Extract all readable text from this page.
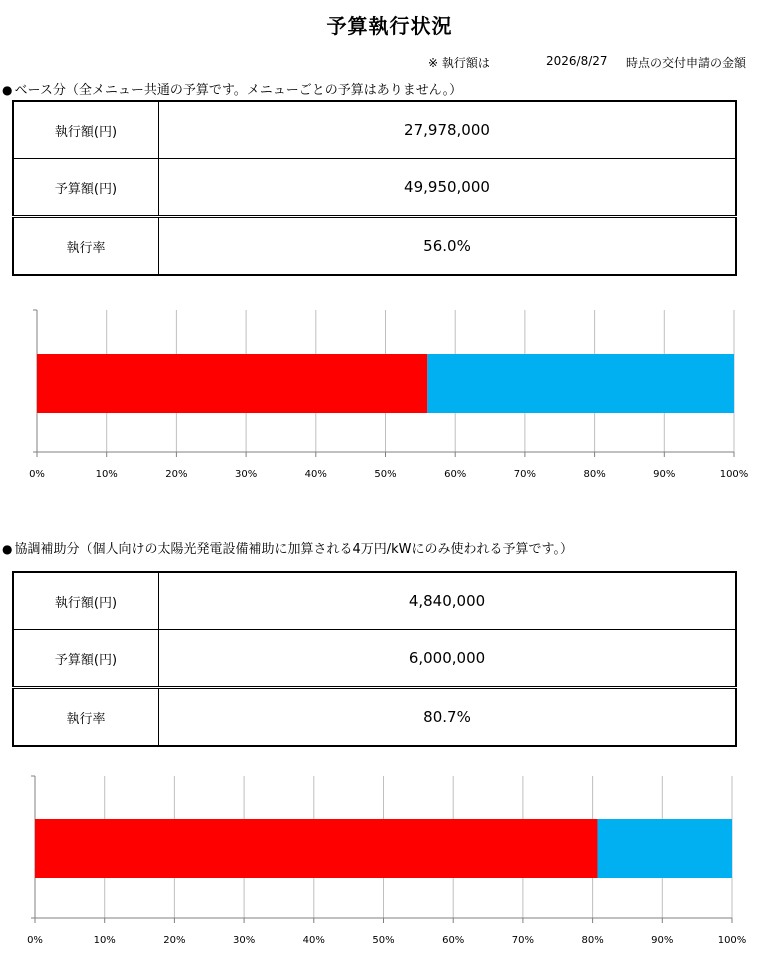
予算執行状況
※ 執行額は	2026/8/27 時点の交付申請の金額
● ベース分（全メニュー共通の予算です。メニューごとの予算はありません。）
執行額(円)	27,978,000
予算額(円)	49,950,000
執行率	56.0%
0%	10%	20%	30%	40%	50%	60%	70%	80%	90%	100%
● 協調補助分（個人向けの太陽光発電設備補助に加算される4万円/kWにのみ使われる予算です。）
執行額(円)	4,840,000
予算額(円)	6,000,000
執行率	80.7%
0%	10%	20%	30%	40%	50%	60%	70%	80%	90%	100%
